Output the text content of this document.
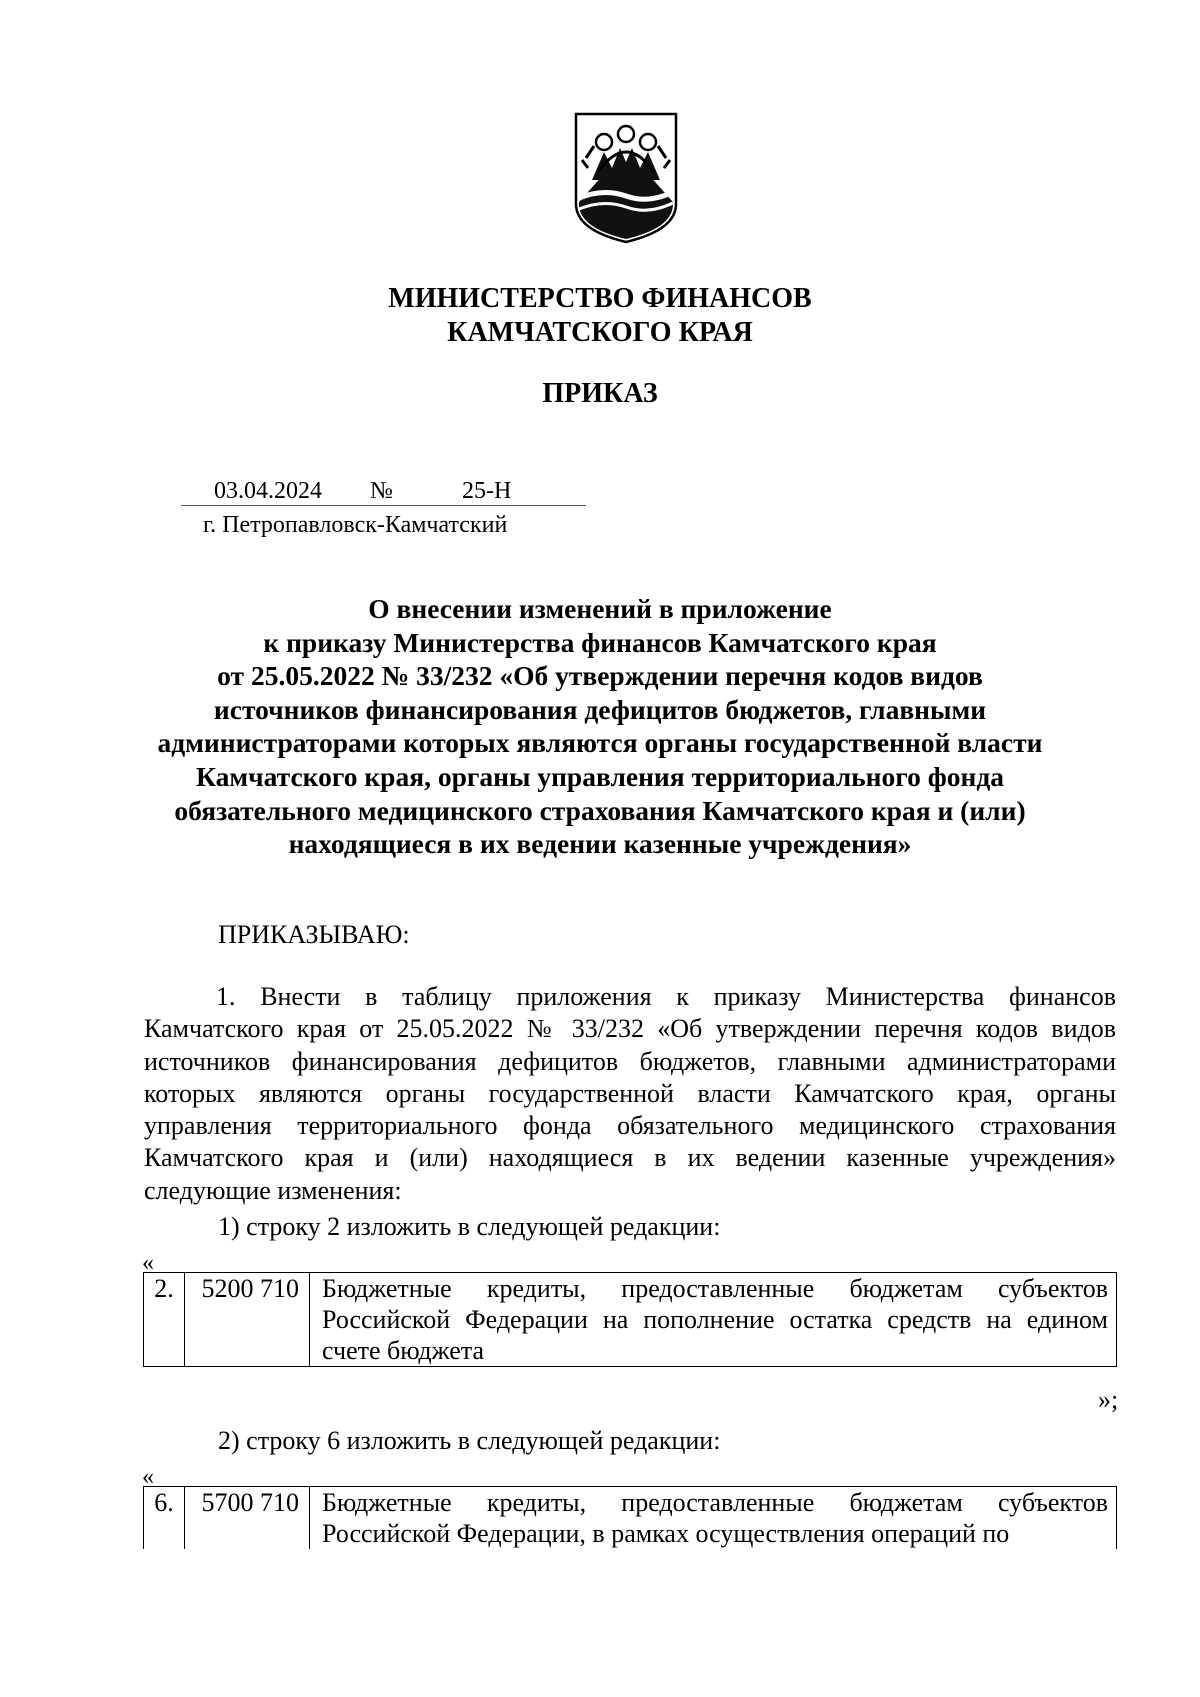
МИНИСТЕРСТВО ФИНАНСОВ
КАМЧАТСКОГО КРАЯ
ПРИКАЗ
03.04.2024 №	25-Н
г. Петропавловск-Камчатский
О внесении изменений в приложение
к приказу Министерства финансов Камчатского края
от 25.05.2022 № 33/232 «Об утверждении перечня кодов видов
источников финансирования дефицитов бюджетов, главными
администраторами которых являются органы государственной власти
Камчатского края, органы управления территориального фонда
обязательного медицинского страхования Камчатского края и (или)
находящиеся в их ведении казенные учреждения»
ПРИКАЗЫВАЮ:

1. Внести в таблицу приложения к приказу Министерства финансов Камчатского края от 25.05.2022 № 33/232 «Об утверждении перечня кодов видов источников финансирования дефицитов бюджетов, главными администраторами которых являются органы государственной власти Камчатского края, органы управления территориального фонда обязательного медицинского страхования Камчатского края и (или) находящиеся в их ведении казенные учреждения» следующие изменения:

1) строку 2 изложить в следующей редакции:
«
2.	5200 710	Бюджетные кредиты, предоставленные бюджетам субъектов Российской Федерации на пополнение остатка средств на едином счете бюджета
»;
2) строку 6 изложить в следующей редакции:
«
6.	5700 710	Бюджетные кредиты, предоставленные бюджетам субъектов Российской Федерации, в рамках осуществления операций по
